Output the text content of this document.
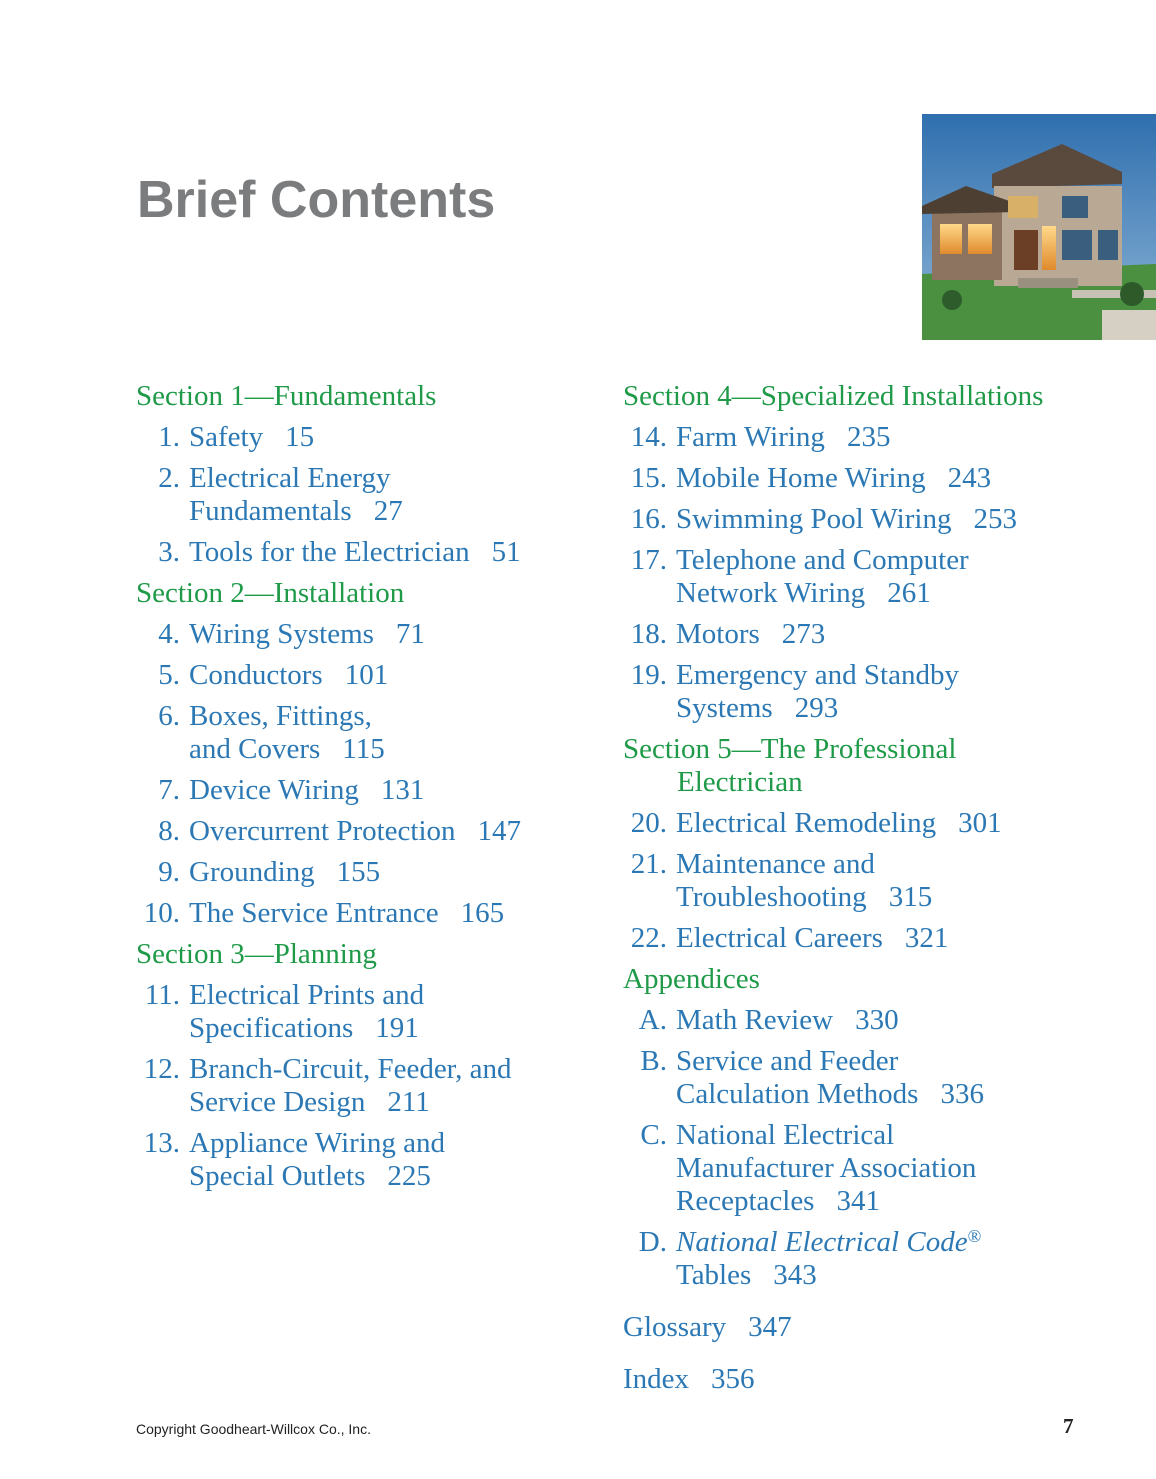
Brief Contents
Section 1—Fundamentals
1. Safety 15
2. Electrical Energy
Fundamentals 27
3. Tools for the Electrician 51
Section 2—Installation
4. Wiring Systems 71
5. Conductors 101
6. Boxes, Fittings,
and Covers 115
7. Device Wiring 131
8. Overcurrent Protection 147
9. Grounding 155
10. The Service Entrance 165
Section 3—Planning
11. Electrical Prints and
Specifications 191
12. Branch-Circuit, Feeder, and
Service Design 211
13. Appliance Wiring and
Special Outlets 225
Section 4—Specialized Installations
14. Farm Wiring 235
15. Mobile Home Wiring 243
16. Swimming Pool Wiring 253
17. Telephone and Computer
Network Wiring 261
18. Motors 273
19. Emergency and Standby
Systems 293
Section 5—The Professional
Electrician
20. Electrical Remodeling 301
21. Maintenance and
Troubleshooting 315
22. Electrical Careers 321
Appendices
A. Math Review 330
B. Service and Feeder
Calculation Methods 336
C. National Electrical
Manufacturer Association
Receptacles 341
D. National Electrical Code®
Tables 343
Glossary 347
Index 356
Copyright Goodheart-Willcox Co., Inc.	7
